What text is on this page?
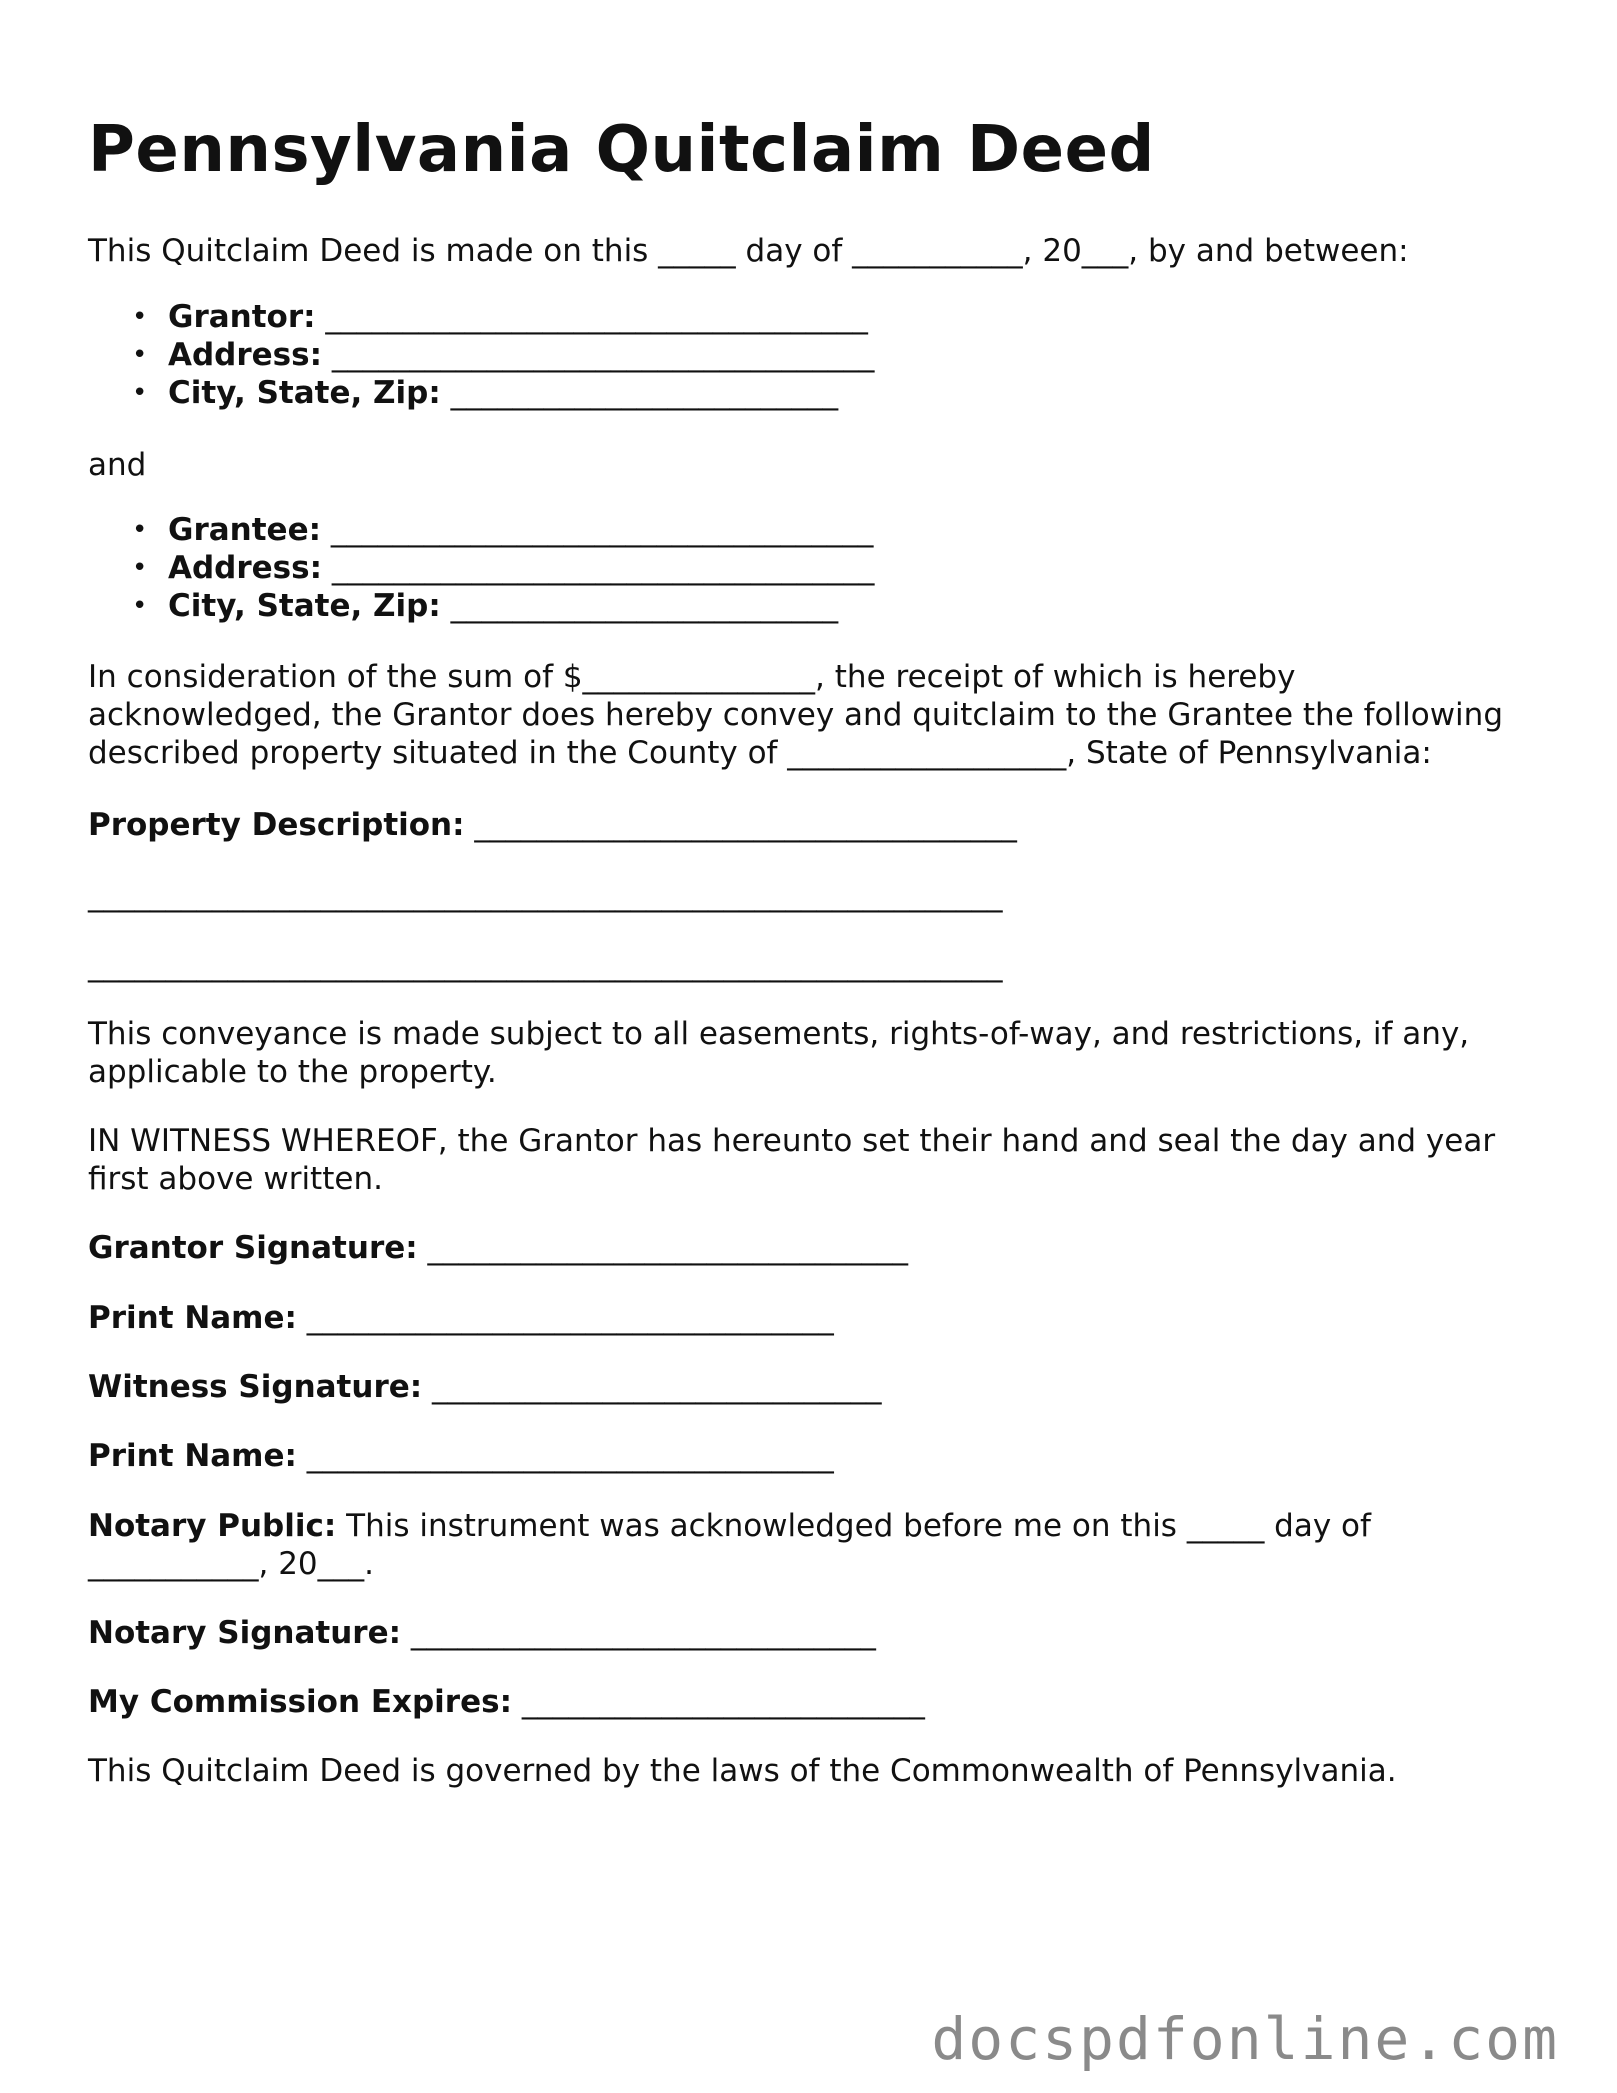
Pennsylvania Quitclaim Deed
This Quitclaim Deed is made on this _____ day of ___________, 20___, by and between:
• Grantor: ___________________________________
• Address: ___________________________________
• City, State, Zip: _________________________
and
• Grantee: ___________________________________
• Address: ___________________________________
• City, State, Zip: _________________________
In consideration of the sum of $_______________, the receipt of which is hereby
acknowledged, the Grantor does hereby convey and quitclaim to the Grantee the following
described property situated in the County of __________________, State of Pennsylvania:
Property Description: ___________________________________
___________________________________________________________
___________________________________________________________
This conveyance is made subject to all easements, rights-of-way, and restrictions, if any,
applicable to the property.
IN WITNESS WHEREOF, the Grantor has hereunto set their hand and seal the day and year
first above written.
Grantor Signature: _______________________________
Print Name: __________________________________
Witness Signature: _____________________________
Print Name: __________________________________
Notary Public: This instrument was acknowledged before me on this _____ day of
___________, 20___.
Notary Signature: ______________________________
My Commission Expires: __________________________
This Quitclaim Deed is governed by the laws of the Commonwealth of Pennsylvania.
docspdfonline.com
